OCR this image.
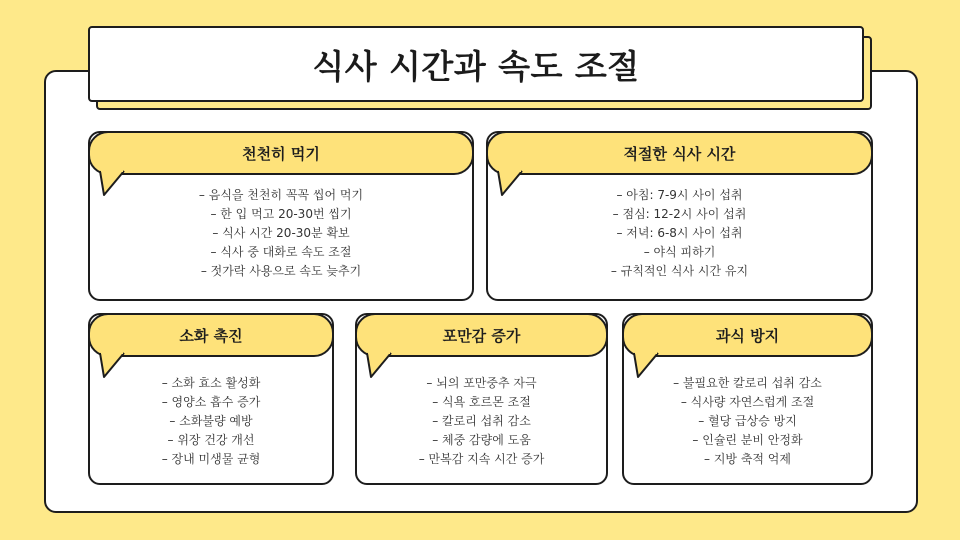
식사 시간과 속도 조절
천천히 먹기
– 음식을 천천히 꼭꼭 씹어 먹기
– 한 입 먹고 20-30번 씹기
– 식사 시간 20-30분 확보
– 식사 중 대화로 속도 조절
– 젓가락 사용으로 속도 늦추기
적절한 식사 시간
– 아침: 7-9시 사이 섭취
– 점심: 12-2시 사이 섭취
– 저녁: 6-8시 사이 섭취
– 야식 피하기
– 규칙적인 식사 시간 유지
소화 촉진
– 소화 효소 활성화
– 영양소 흡수 증가
– 소화불량 예방
– 위장 건강 개선
– 장내 미생물 균형
포만감 증가
– 뇌의 포만중추 자극
– 식욕 호르몬 조절
– 칼로리 섭취 감소
– 체중 감량에 도움
– 만복감 지속 시간 증가
과식 방지
– 불필요한 칼로리 섭취 감소
– 식사량 자연스럽게 조절
– 혈당 급상승 방지
– 인슐린 분비 안정화
– 지방 축적 억제
